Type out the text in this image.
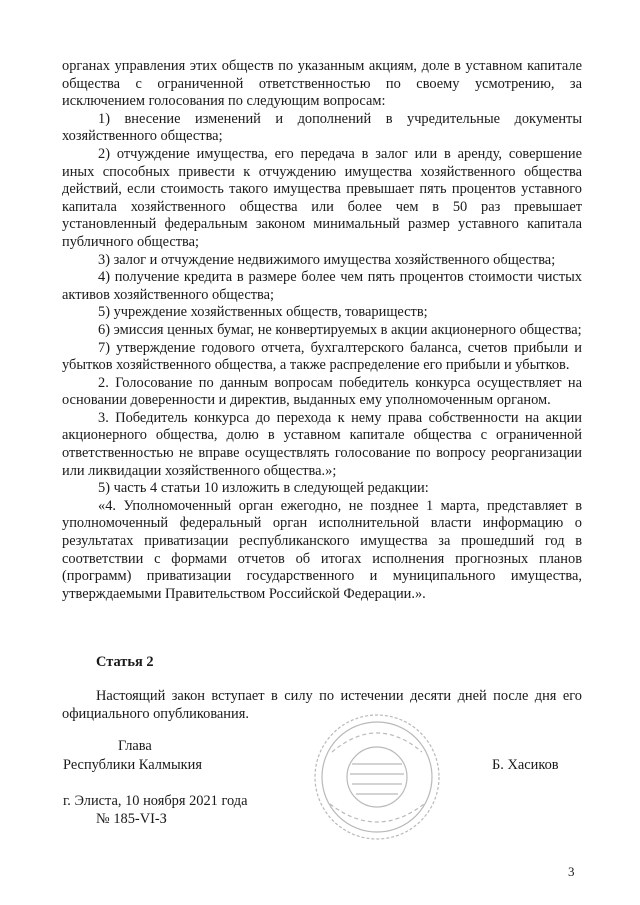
органах управления этих обществ по указанным акциям, доле в уставном капитале общества с ограниченной ответственностью по своему усмотрению, за исключением голосования по следующим вопросам:

1) внесение изменений и дополнений в учредительные документы хозяйственного общества;

2) отчуждение имущества, его передача в залог или в аренду, совершение иных способных привести к отчуждению имущества хозяйственного общества действий, если стоимость такого имущества превышает пять процентов уставного капитала хозяйственного общества или более чем в 50 раз превышает установленный федеральным законом минимальный размер уставного капитала публичного общества;

3) залог и отчуждение недвижимого имущества хозяйственного общества;

4) получение кредита в размере более чем пять процентов стоимости чистых активов хозяйственного общества;

5) учреждение хозяйственных обществ, товариществ;

6) эмиссия ценных бумаг, не конвертируемых в акции акционерного общества;

7) утверждение годового отчета, бухгалтерского баланса, счетов прибыли и убытков хозяйственного общества, а также распределение его прибыли и убытков.

2. Голосование по данным вопросам победитель конкурса осуществляет на основании доверенности и директив, выданных ему уполномоченным органом.

3. Победитель конкурса до перехода к нему права собственности на акции акционерного общества, долю в уставном капитале общества с ограниченной ответственностью не вправе осуществлять голосование по вопросу реорганизации или ликвидации хозяйственного общества.»;

5) часть 4 статьи 10 изложить в следующей редакции:

«4. Уполномоченный орган ежегодно, не позднее 1 марта, представляет в уполномоченный федеральный орган исполнительной власти информацию о результатах приватизации республиканского имущества за прошедший год в соответствии с формами отчетов об итогах исполнения прогнозных планов (программ) приватизации государственного и муниципального имущества, утверждаемыми Правительством Российской Федерации.».

Статья 2

Настоящий закон вступает в силу по истечении десяти дней после дня его официального опубликования.

Глава
Республики Калмыкия	Б. Хасиков
г. Элиста, 10 ноября 2021 года
№ 185-VI-З
3
